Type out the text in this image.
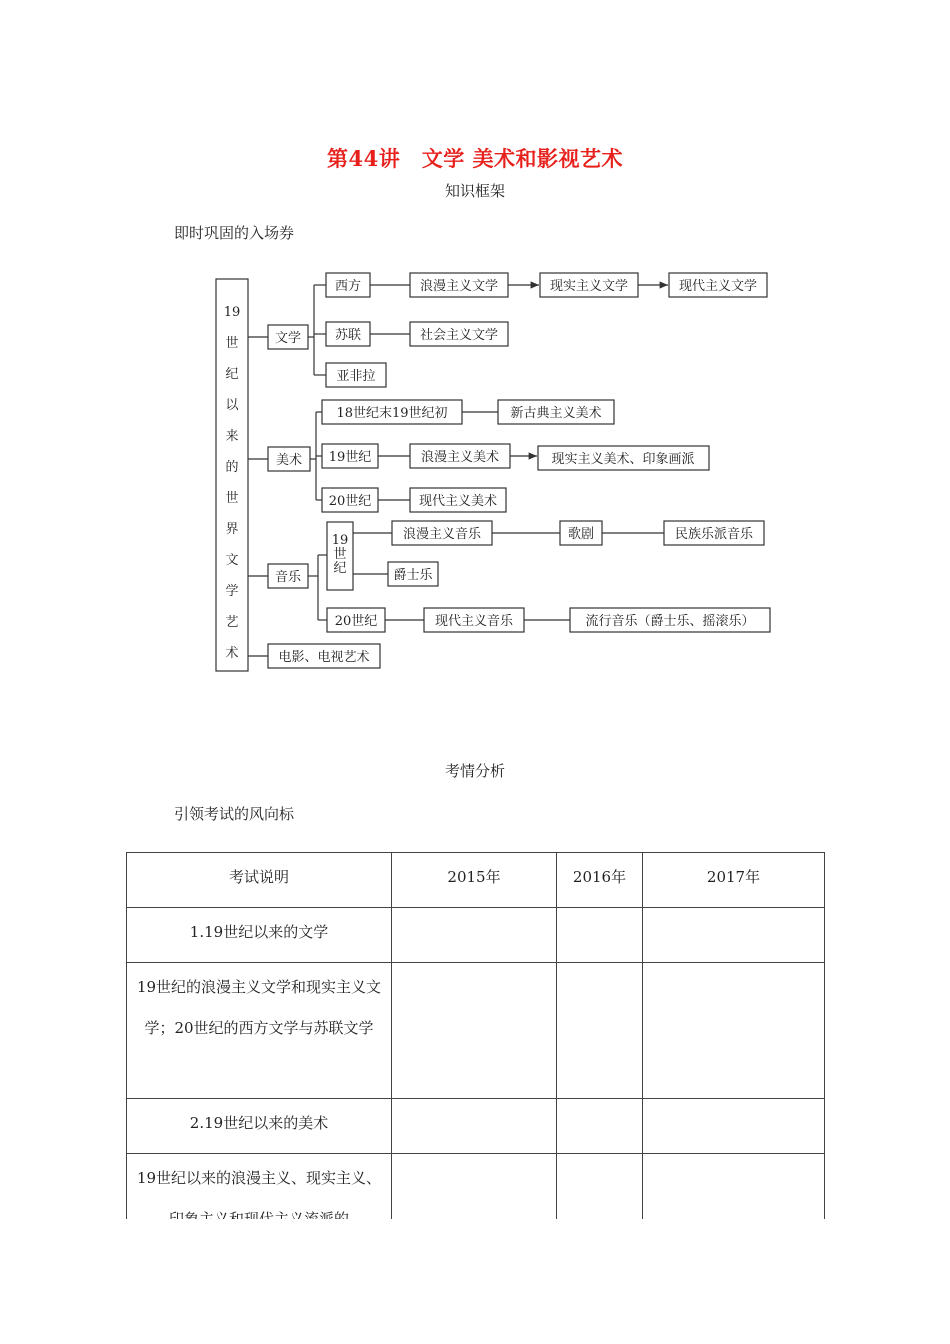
第44讲　文学 美术和影视艺术
知识框架
即时巩固的入场券
19 世纪以来的世界文学艺术
文学
西方	浪漫主义文学	现实主义文学	现代主义文学
苏联	社会主义文学
亚非拉
美术
18世纪末19世纪初	新古典主义美术
19世纪	浪漫主义美术	现实主义美术、印象画派
20世纪	现代主义美术
音乐
19 世纪
浪漫主义音乐	歌剧	民族乐派音乐
爵士乐
20世纪	现代主义音乐	流行音乐（爵士乐、摇滚乐）
电影、电视艺术
考情分析
引领考试的风向标
考试说明	2015年	2016年	2017年
1.19世纪以来的文学			
19世纪的浪漫主义文学和现实主义文学；20世纪的西方文学与苏联文学			
2.19世纪以来的美术			
19世纪以来的浪漫主义、现实主义、			
